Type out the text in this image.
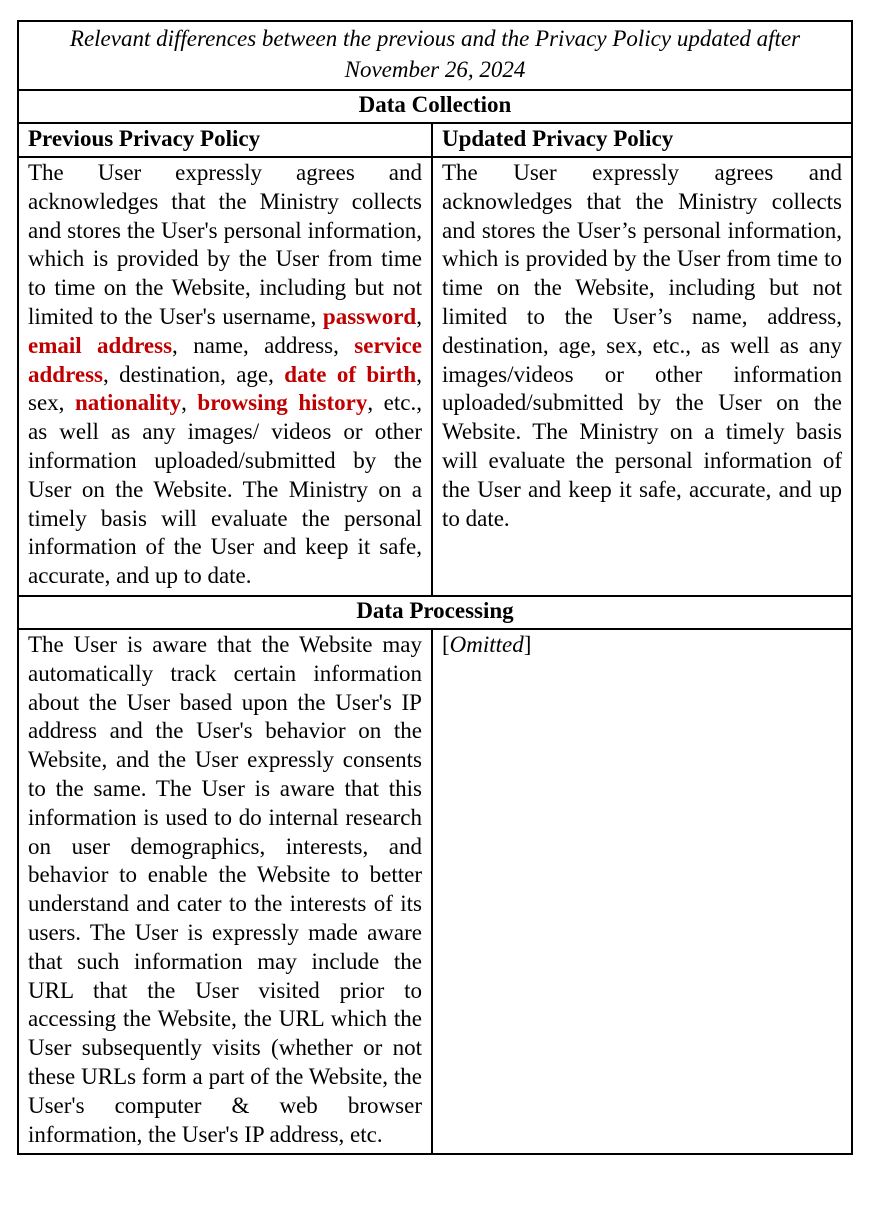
Relevant differences between the previous and the Privacy Policy updated after November 26, 2024	
Data Collection	
Previous Privacy Policy	Updated Privacy Policy
The User expressly agrees and acknowledges that the Ministry collects and stores the User's personal information, which is provided by the User from time to time on the Website, including but not limited to the User's username, password, email address, name, address, service address, destination, age, date of birth, sex, nationality, browsing history, etc., as well as any images/ videos or other information uploaded/submitted by the User on the Website. The Ministry on a timely basis will evaluate the personal information of the User and keep it safe, accurate, and up to date.	The User expressly agrees and acknowledges that the Ministry collects and stores the User’s personal information, which is provided by the User from time to time on the Website, including but not limited to the User’s name, address, destination, age, sex, etc., as well as any images/videos or other information uploaded/submitted by the User on the Website. The Ministry on a timely basis will evaluate the personal information of the User and keep it safe, accurate, and up to date.
Data Processing	
The User is aware that the Website may automatically track certain information about the User based upon the User's IP address and the User's behavior on the Website, and the User expressly consents to the same. The User is aware that this information is used to do internal research on user demographics, interests, and behavior to enable the Website to better understand and cater to the interests of its users. The User is expressly made aware that such information may include the URL that the User visited prior to accessing the Website, the URL which the User subsequently visits (whether or not these URLs form a part of the Website, the User's computer & web browser information, the User's IP address, etc.	[Omitted]
